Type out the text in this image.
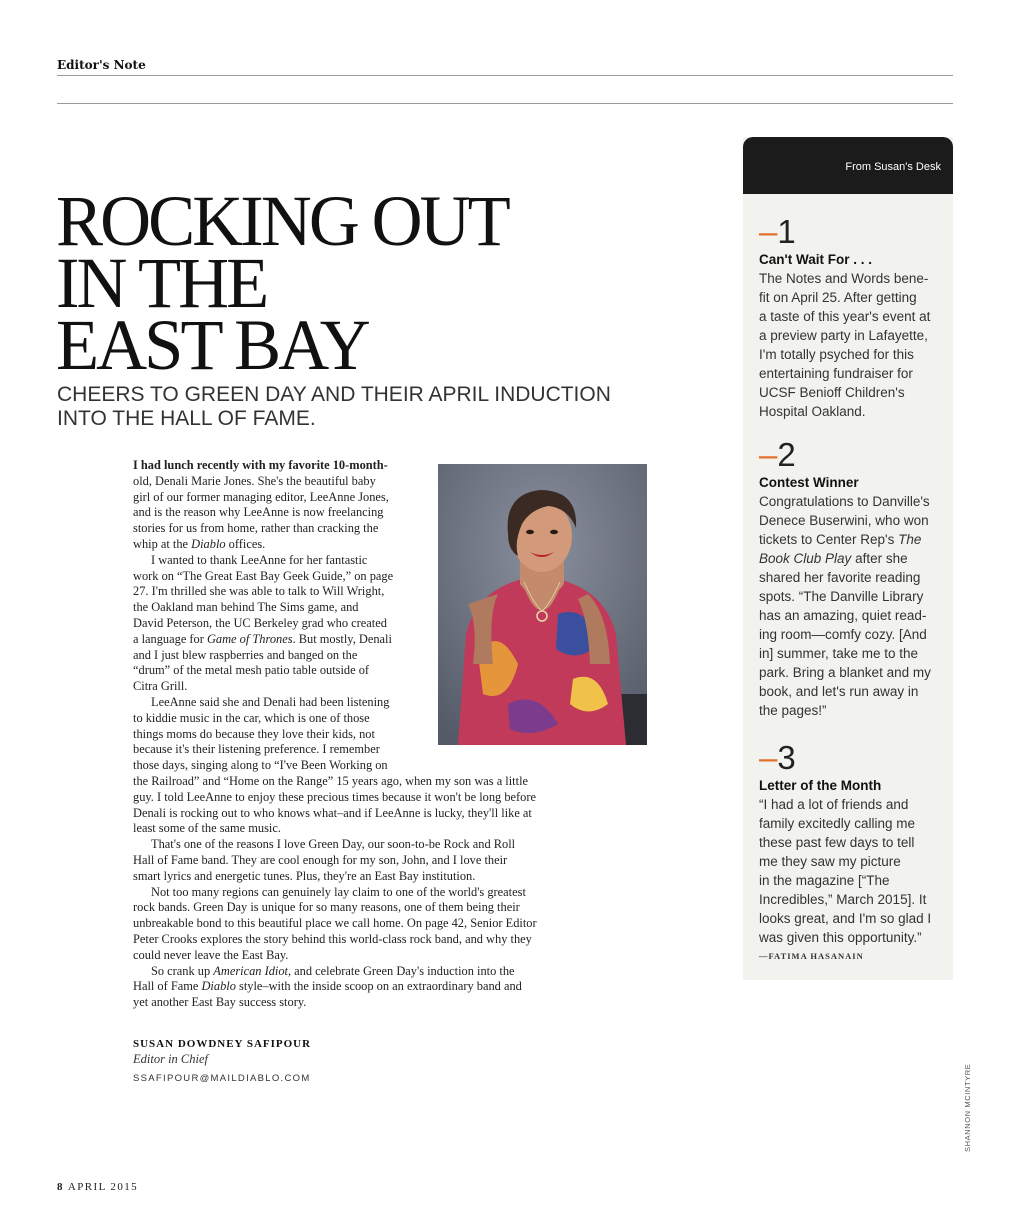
Editor's Note
ROCKING OUT
IN THE
EAST BAY
CHEERS TO GREEN DAY AND THEIR APRIL INDUCTION
INTO THE HALL OF FAME.

I had lunch recently with my favorite 10-month-
old, Denali Marie Jones. She's the beautiful baby
girl of our former managing editor, LeeAnne Jones,
and is the reason why LeeAnne is now freelancing
stories for us from home, rather than cracking the
whip at the Diablo offices.

I wanted to thank LeeAnne for her fantastic
work on “The Great East Bay Geek Guide,” on page
27. I'm thrilled she was able to talk to Will Wright,
the Oakland man behind The Sims game, and
David Peterson, the UC Berkeley grad who created
a language for Game of Thrones. But mostly, Denali
and I just blew raspberries and banged on the
“drum” of the metal mesh patio table outside of
Citra Grill.

LeeAnne said she and Denali had been listening
to kiddie music in the car, which is one of those
things moms do because they love their kids, not
because it's their listening preference. I remember
those days, singing along to “I've Been Working on
the Railroad” and “Home on the Range” 15 years ago, when my son was a little
guy. I told LeeAnne to enjoy these precious times because it won't be long before
Denali is rocking out to who knows what–and if LeeAnne is lucky, they'll like at
least some of the same music.

That's one of the reasons I love Green Day, our soon-to-be Rock and Roll
Hall of Fame band. They are cool enough for my son, John, and I love their
smart lyrics and energetic tunes. Plus, they're an East Bay institution.

Not too many regions can genuinely lay claim to one of the world's greatest
rock bands. Green Day is unique for so many reasons, one of them being their
unbreakable bond to this beautiful place we call home. On page 42, Senior Editor
Peter Crooks explores the story behind this world-class rock band, and why they
could never leave the East Bay.

So crank up American Idiot, and celebrate Green Day's induction into the
Hall of Fame Diablo style–with the inside scoop on an extraordinary band and
yet another East Bay success story.

SUSAN DOWDNEY SAFIPOUR
Editor in Chief
SSAFIPOUR@MAILDIABLO.COM
8 APRIL 2015
SHANNON MCINTYRE
From Susan's Desk
–1
Can't Wait For . . .
The Notes and Words bene-
fit on April 25. After getting
a taste of this year's event at
a preview party in Lafayette,
I'm totally psyched for this
entertaining fundraiser for
UCSF Benioff Children's
Hospital Oakland.
–2
Contest Winner
Congratulations to Danville's
Denece Buserwini, who won
tickets to Center Rep's The
Book Club Play after she
shared her favorite reading
spots. “The Danville Library
has an amazing, quiet read-
ing room—comfy cozy. [And
in] summer, take me to the
park. Bring a blanket and my
book, and let's run away in
the pages!”
–3
Letter of the Month
“I had a lot of friends and
family excitedly calling me
these past few days to tell
me they saw my picture
in the magazine [“The
Incredibles,” March 2015]. It
looks great, and I'm so glad I
was given this opportunity.”
—FATIMA HASANAIN
